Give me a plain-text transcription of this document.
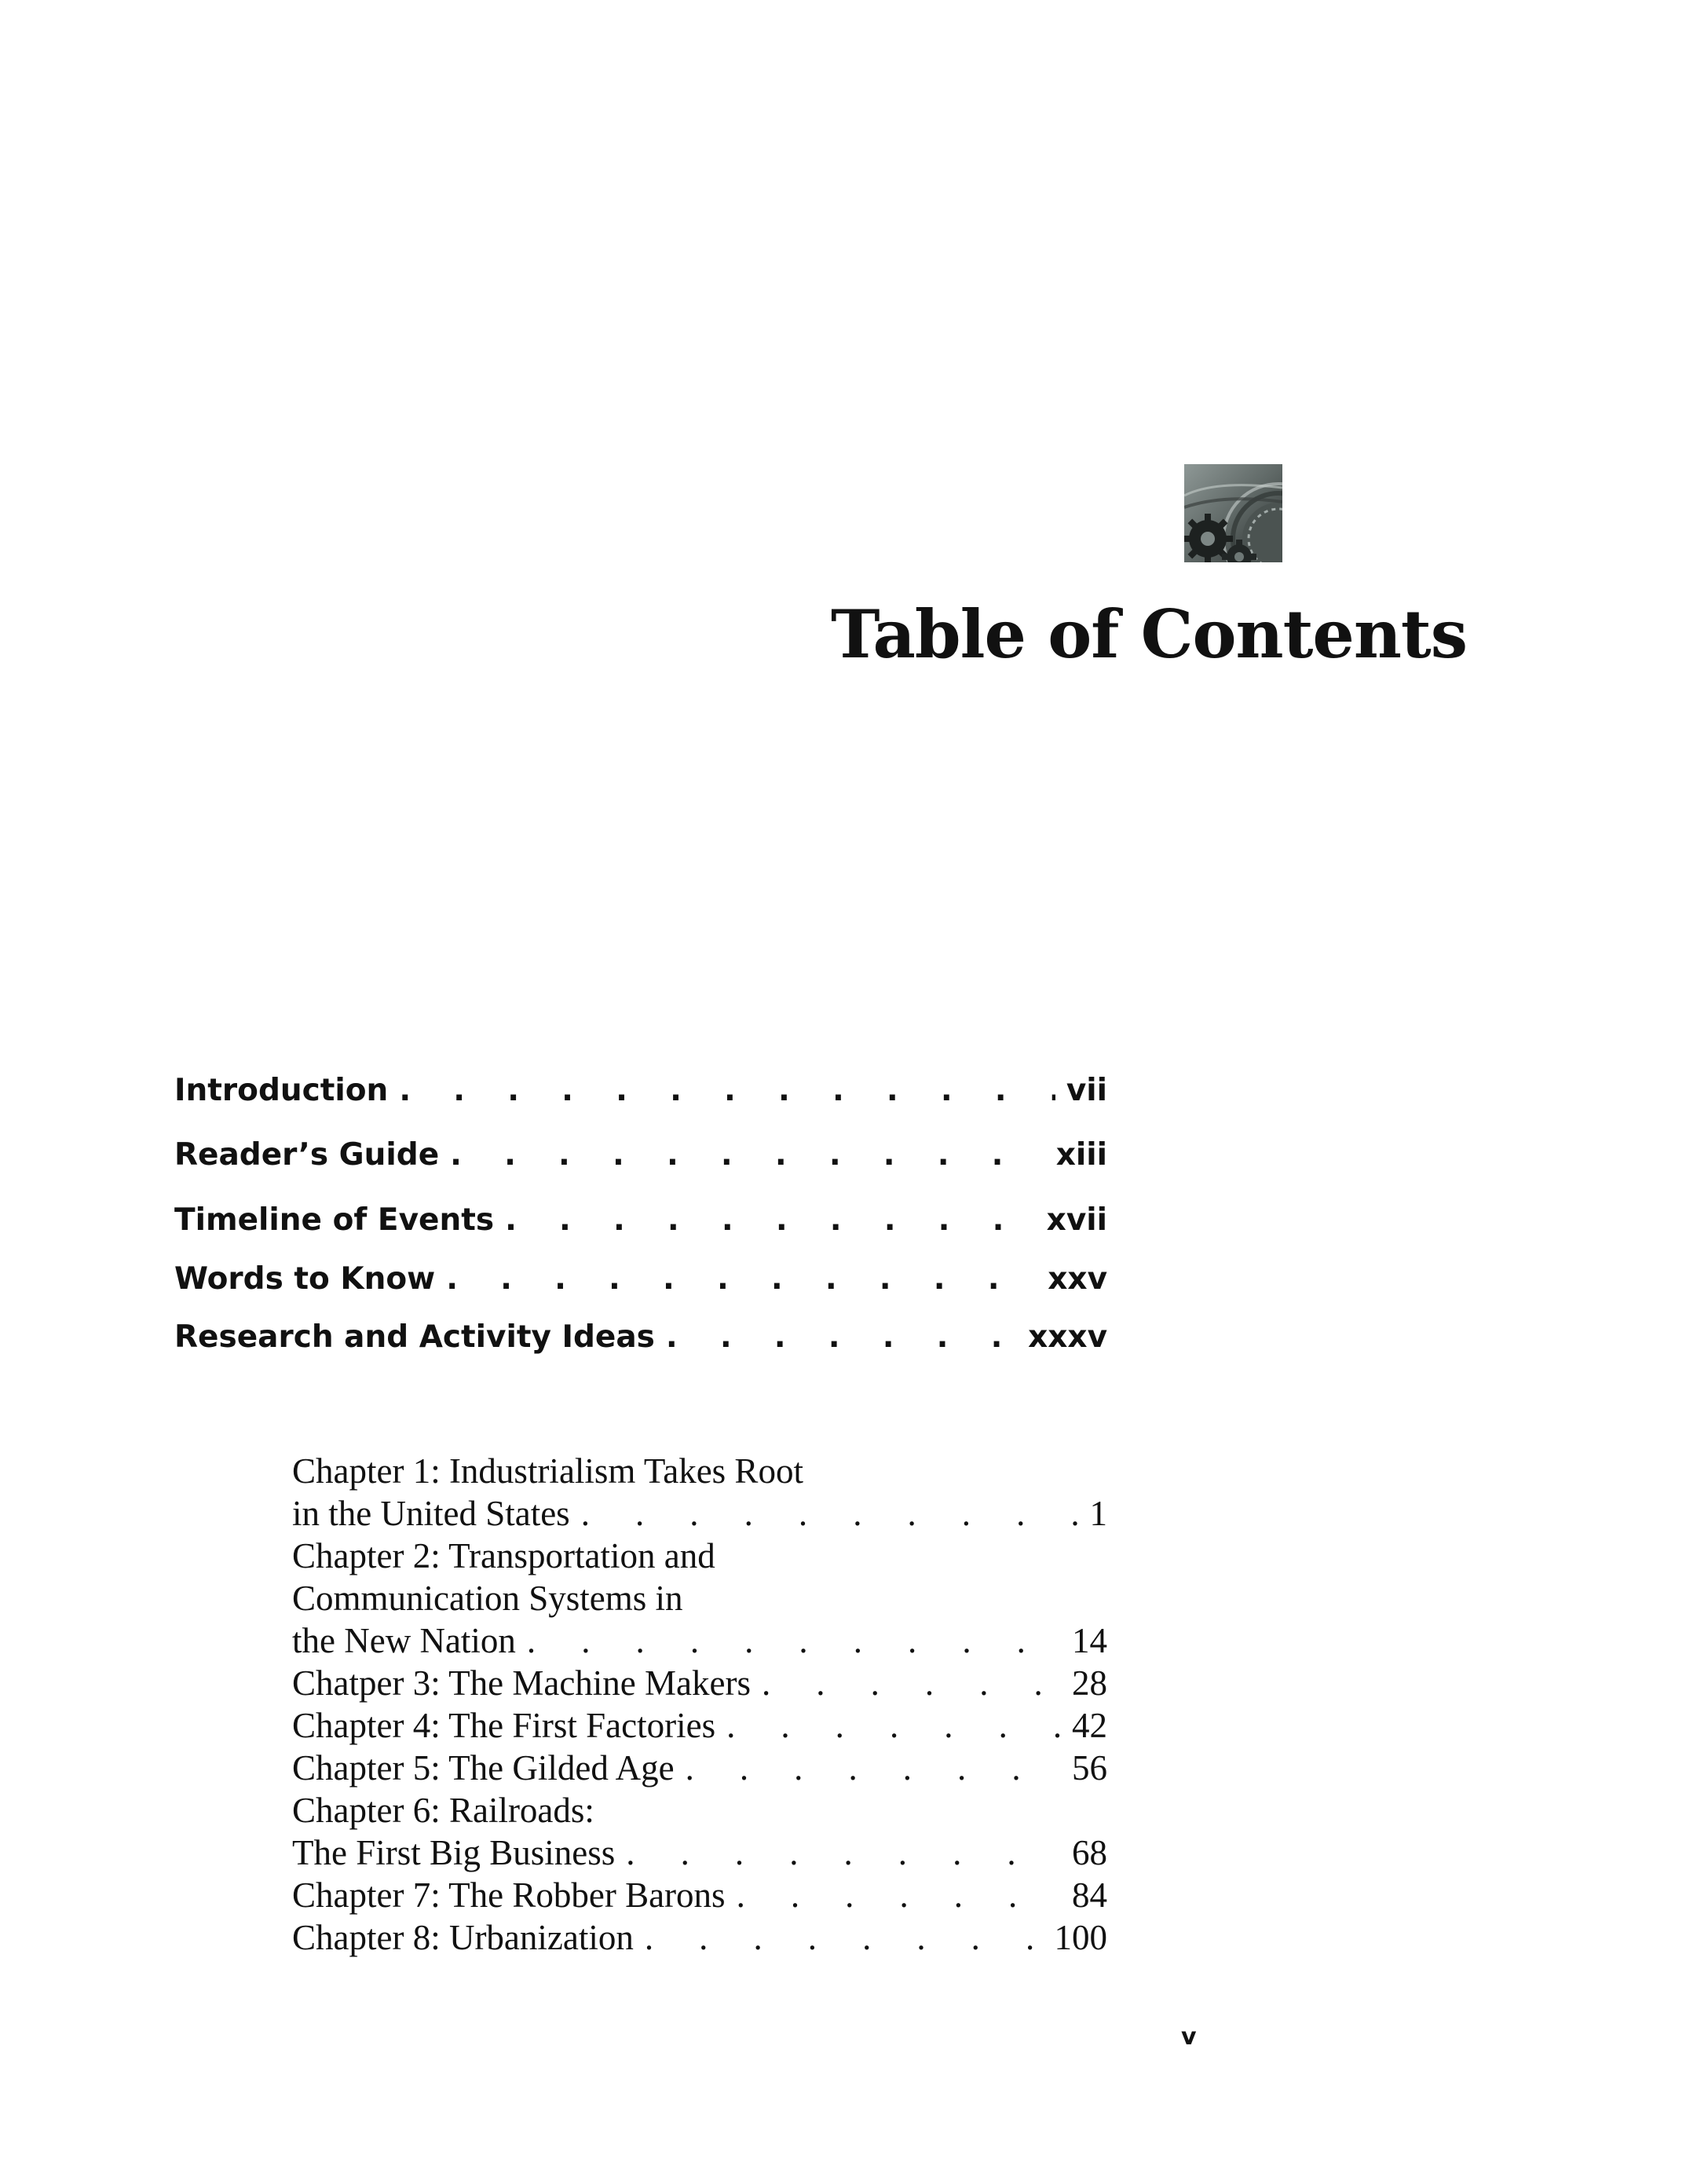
Table of Contents
Introduction . . .	vii
Reader’s Guide . . .	xiii
Timeline of Events . . .	xvii
Words to Know . . .	xxv
Research and Activity Ideas . . .	xxxv
Chapter 1: Industrialism Takes Root
in the United States . . .	1
Chapter 2: Transportation and
Communication Systems in
the New Nation . . .	14
Chatper 3: The Machine Makers . . .	28
Chapter 4: The First Factories . . .	42
Chapter 5: The Gilded Age . . .	56
Chapter 6: Railroads:
The First Big Business . . .	68
Chapter 7: The Robber Barons . . .	84
Chapter 8: Urbanization . . .	100
v
